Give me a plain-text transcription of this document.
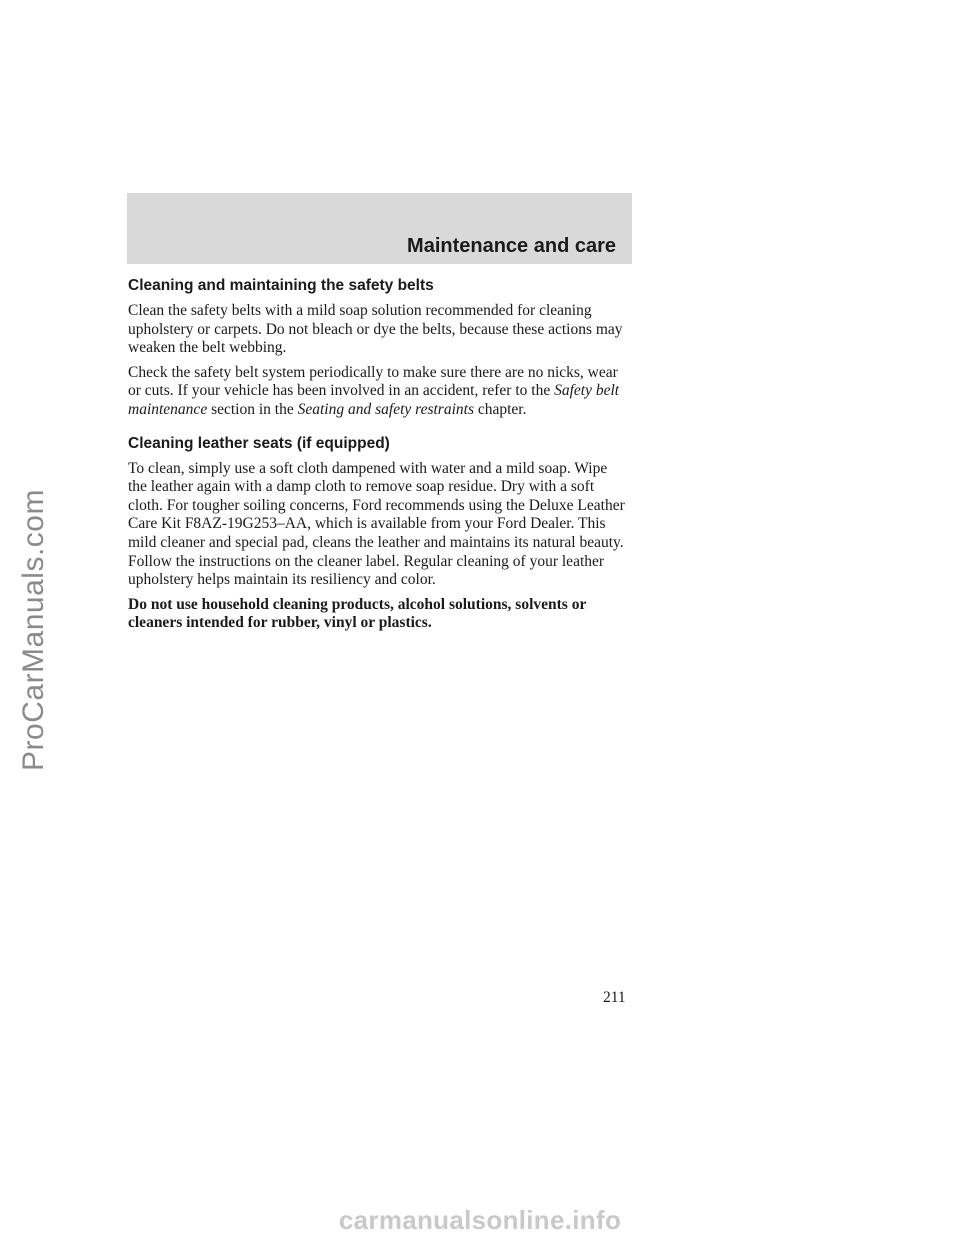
ProCarManuals.com
Maintenance and care
Cleaning and maintaining the safety belts

Clean the safety belts with a mild soap solution recommended for cleaning upholstery or carpets. Do not bleach or dye the belts, because these actions may weaken the belt webbing.

Check the safety belt system periodically to make sure there are no nicks, wear or cuts. If your vehicle has been involved in an accident, refer to the Safety belt maintenance section in the Seating and safety restraints chapter.

Cleaning leather seats (if equipped)

To clean, simply use a soft cloth dampened with water and a mild soap. Wipe the leather again with a damp cloth to remove soap residue. Dry with a soft cloth. For tougher soiling concerns, Ford recommends using the Deluxe Leather Care Kit F8AZ-19G253–AA, which is available from your Ford Dealer. This mild cleaner and special pad, cleans the leather and maintains its natural beauty. Follow the instructions on the cleaner label. Regular cleaning of your leather upholstery helps maintain its resiliency and color.

Do not use household cleaning products, alcohol solutions, solvents or cleaners intended for rubber, vinyl or plastics.

211
carmanualsonline.info
